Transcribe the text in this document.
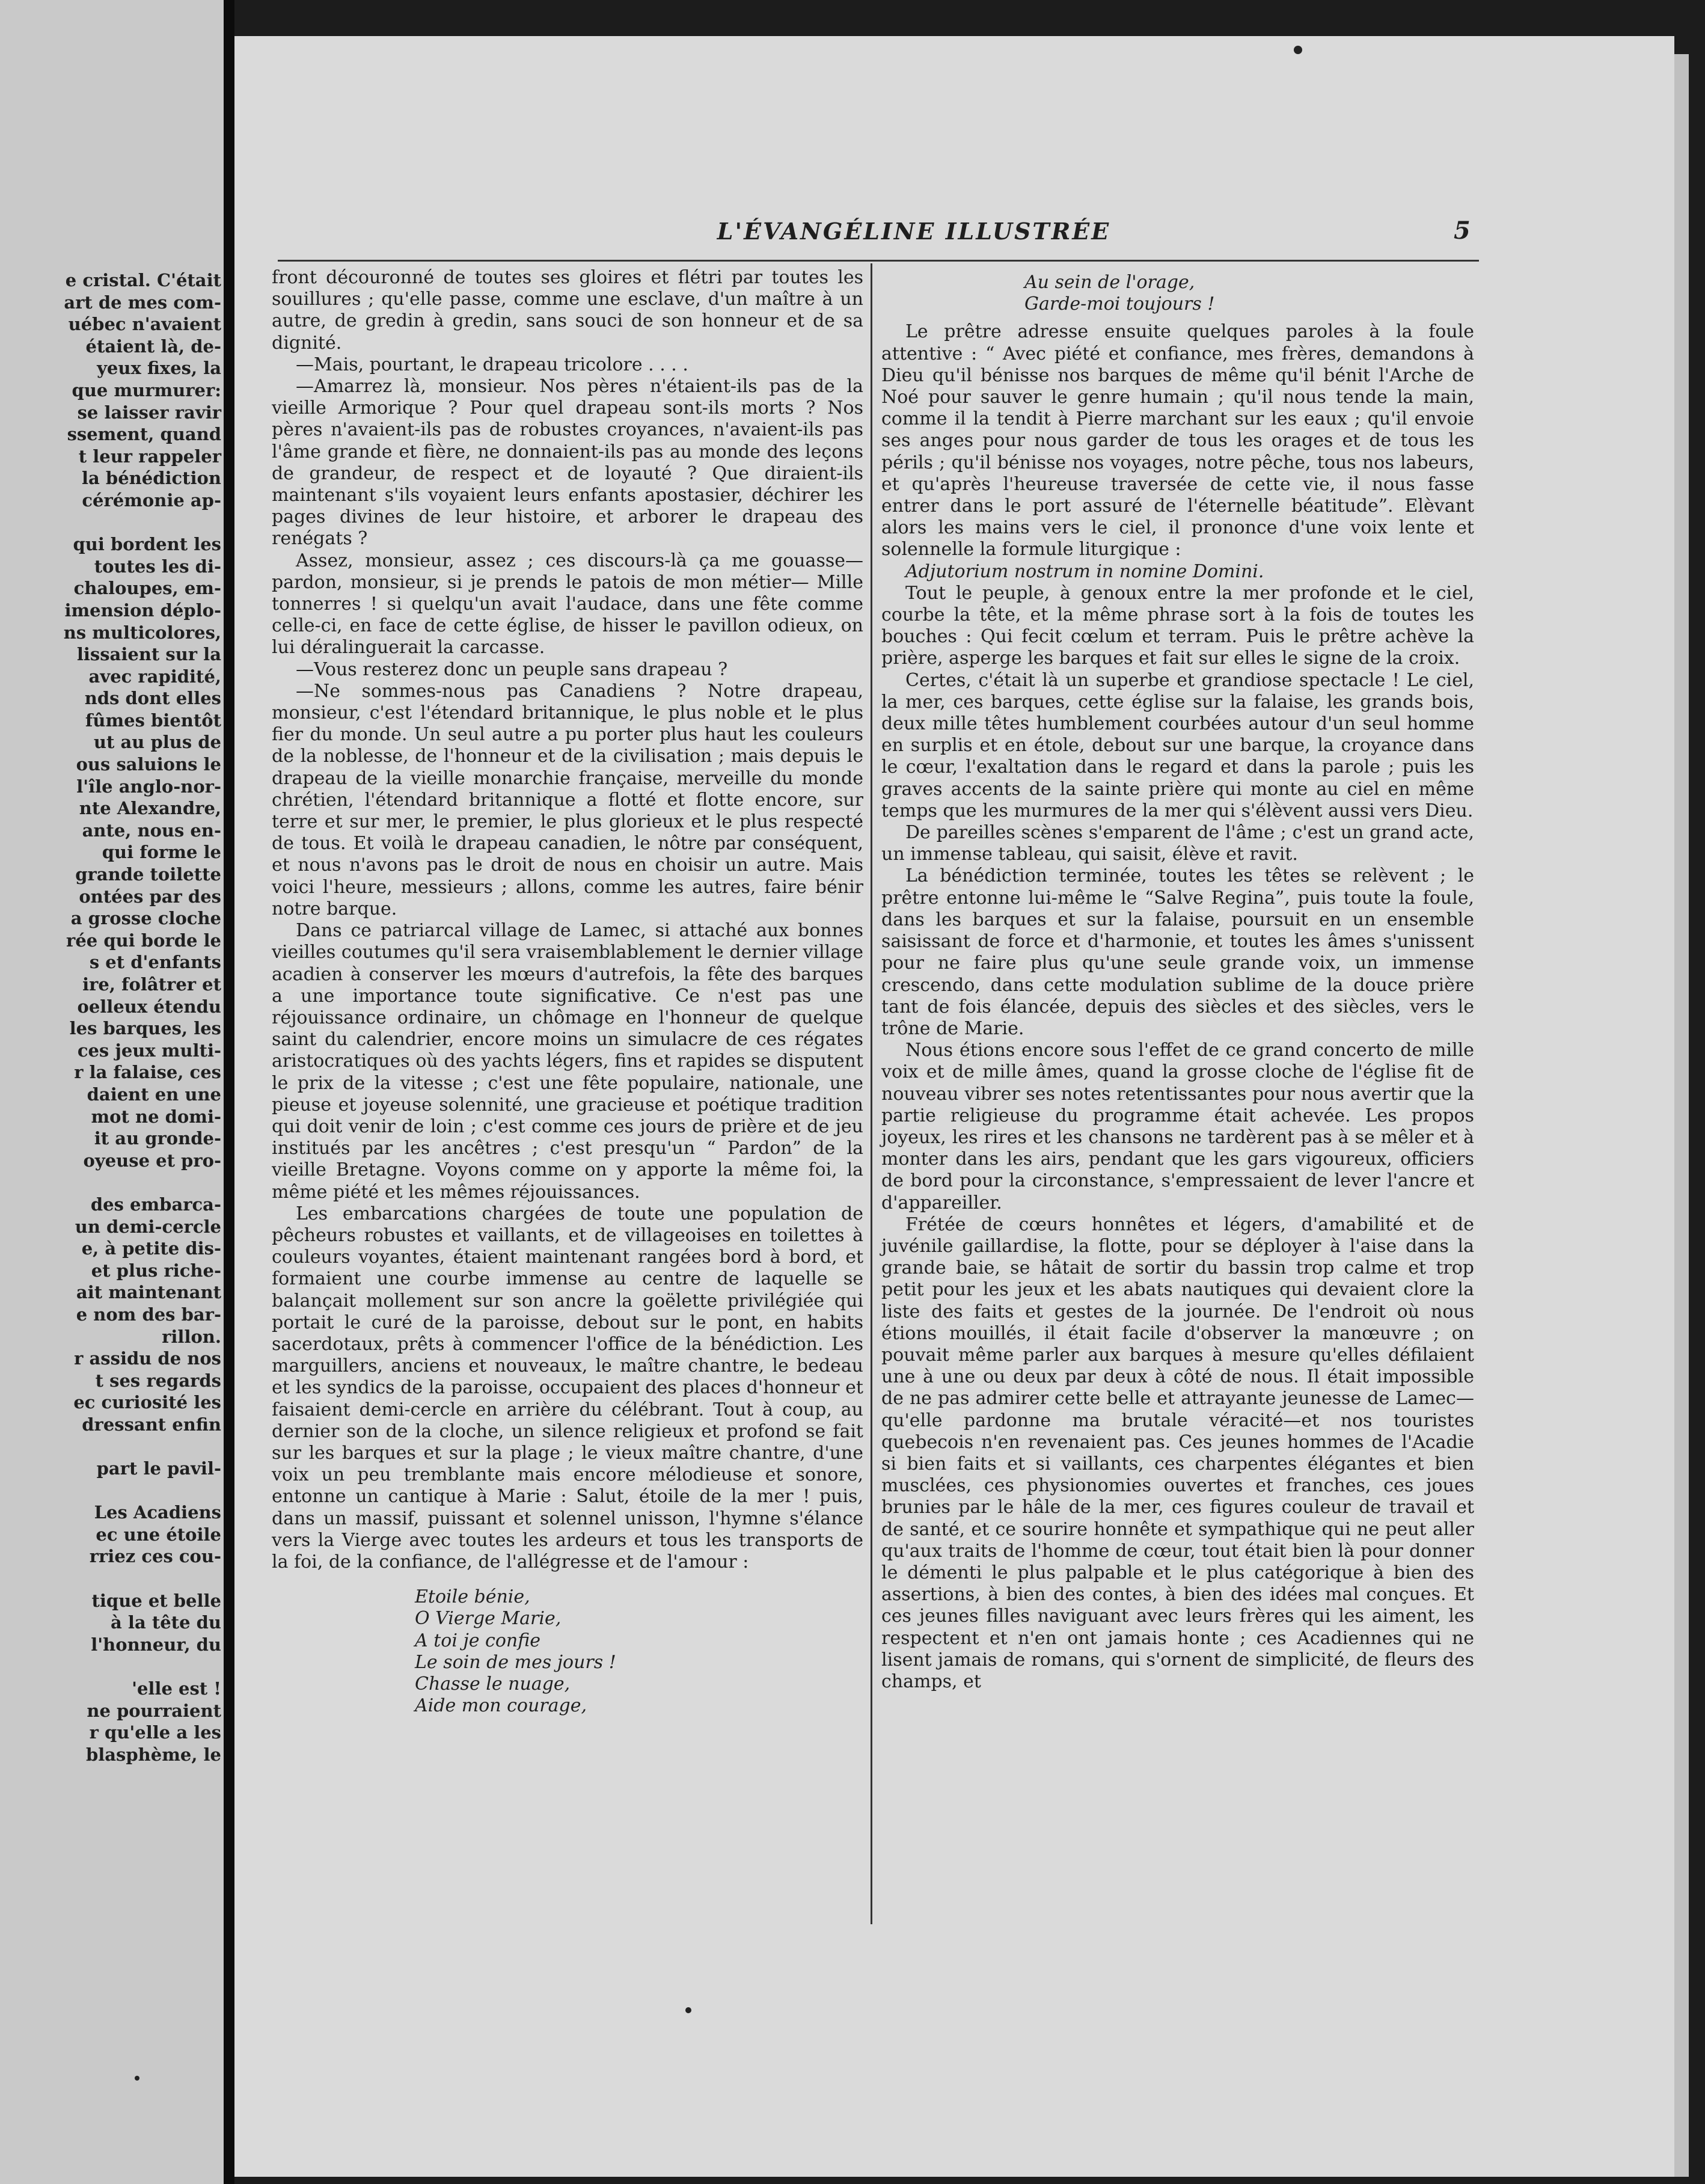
e cristal. C'était
art de mes com-
uébec n'avaient
étaient là, de-
yeux fixes, la
que murmurer:
se laisser ravir
ssement, quand
t leur rappeler
la bénédiction
cérémonie ap-
qui bordent les
toutes les di-
chaloupes, em-
imension déplo-
ns multicolores,
lissaient sur la
avec rapidité,
nds dont elles
fûmes bientôt
ut au plus de
ous saluions le
l'île anglo-nor-
nte Alexandre,
ante, nous en-
qui forme le
grande toilette
ontées par des
a grosse cloche
rée qui borde le
s et d'enfants
ire, folâtrer et
oelleux étendu
les barques, les
ces jeux multi-
r la falaise, ces
daient en une
mot ne domi-
it au gronde-
oyeuse et pro-
des embarca-
un demi-cercle
e, à petite dis-
et plus riche-
ait maintenant
e nom des bar-
rillon.
r assidu de nos
t ses regards
ec curiosité les
dressant enfin
part le pavil-
Les Acadiens
ec une étoile
rriez ces cou-
tique et belle
à la tête du
l'honneur, du
'elle est !
ne pourraient
r qu'elle a les
blasphème, le
L'ÉVANGÉLINE ILLUSTRÉE	5

front découronné de toutes ses gloires et flétri par toutes les souillures ; qu'elle passe, comme une esclave, d'un maître à un autre, de gredin à gredin, sans souci de son honneur et de sa dignité.

—Mais, pourtant, le drapeau tricolore . . . .

—Amarrez là, monsieur. Nos pères n'étaient-ils pas de la vieille Armorique ? Pour quel drapeau sont-ils morts ? Nos pères n'avaient-ils pas de robustes croyances, n'avaient-ils pas l'âme grande et fière, ne donnaient-ils pas au monde des leçons de grandeur, de respect et de loyauté ? Que diraient-ils maintenant s'ils voyaient leurs enfants apostasier, déchirer les pages divines de leur histoire, et arborer le drapeau des renégats ?

Assez, monsieur, assez ; ces discours-là ça me gouasse— pardon, monsieur, si je prends le patois de mon métier— Mille tonnerres ! si quelqu'un avait l'audace, dans une fête comme celle-ci, en face de cette église, de hisser le pavillon odieux, on lui déralinguerait la carcasse.

—Vous resterez donc un peuple sans drapeau ?

—Ne sommes-nous pas Canadiens ? Notre drapeau, monsieur, c'est l'étendard britannique, le plus noble et le plus fier du monde. Un seul autre a pu porter plus haut les couleurs de la noblesse, de l'honneur et de la civilisation ; mais depuis le drapeau de la vieille monarchie française, merveille du monde chrétien, l'étendard britannique a flotté et flotte encore, sur terre et sur mer, le premier, le plus glorieux et le plus respecté de tous. Et voilà le drapeau canadien, le nôtre par conséquent, et nous n'avons pas le droit de nous en choisir un autre. Mais voici l'heure, messieurs ; allons, comme les autres, faire bénir notre barque.

Dans ce patriarcal village de Lamec, si attaché aux bonnes vieilles coutumes qu'il sera vraisemblablement le dernier village acadien à conserver les mœurs d'autrefois, la fête des barques a une importance toute significative. Ce n'est pas une réjouissance ordinaire, un chômage en l'honneur de quelque saint du calendrier, encore moins un simulacre de ces régates aristocratiques où des yachts légers, fins et rapides se disputent le prix de la vitesse ; c'est une fête populaire, nationale, une pieuse et joyeuse solennité, une gracieuse et poétique tradition qui doit venir de loin ; c'est comme ces jours de prière et de jeu institués par les ancêtres ; c'est presqu'un “ Pardon” de la vieille Bretagne. Voyons comme on y apporte la même foi, la même piété et les mêmes réjouissances.

Les embarcations chargées de toute une population de pêcheurs robustes et vaillants, et de villageoises en toilettes à couleurs voyantes, étaient maintenant rangées bord à bord, et formaient une courbe immense au centre de laquelle se balançait mollement sur son ancre la goëlette privilégiée qui portait le curé de la paroisse, debout sur le pont, en habits sacerdotaux, prêts à commencer l'office de la bénédiction. Les marguillers, anciens et nouveaux, le maître chantre, le bedeau et les syndics de la paroisse, occupaient des places d'honneur et faisaient demi-cercle en arrière du célébrant. Tout à coup, au dernier son de la cloche, un silence religieux et profond se fait sur les barques et sur la plage ; le vieux maître chantre, d'une voix un peu tremblante mais encore mélodieuse et sonore, entonne un cantique à Marie : Salut, étoile de la mer ! puis, dans un massif, puissant et solennel unisson, l'hymne s'élance vers la Vierge avec toutes les ardeurs et tous les transports de la foi, de la confiance, de l'allégresse et de l'amour :

Etoile bénie,
O Vierge Marie,
A toi je confie
Le soin de mes jours !
Chasse le nuage,
Aide mon courage,
Au sein de l'orage,
Garde-moi toujours !

Le prêtre adresse ensuite quelques paroles à la foule attentive : “ Avec piété et confiance, mes frères, demandons à Dieu qu'il bénisse nos barques de même qu'il bénit l'Arche de Noé pour sauver le genre humain ; qu'il nous tende la main, comme il la tendit à Pierre marchant sur les eaux ; qu'il envoie ses anges pour nous garder de tous les orages et de tous les périls ; qu'il bénisse nos voyages, notre pêche, tous nos labeurs, et qu'après l'heureuse traversée de cette vie, il nous fasse entrer dans le port assuré de l'éternelle béatitude”. Elèvant alors les mains vers le ciel, il prononce d'une voix lente et solennelle la formule liturgique :

Adjutorium nostrum in nomine Domini.

Tout le peuple, à genoux entre la mer profonde et le ciel, courbe la tête, et la même phrase sort à la fois de toutes les bouches : Qui fecit cœlum et terram. Puis le prêtre achève la prière, asperge les barques et fait sur elles le signe de la croix.

Certes, c'était là un superbe et grandiose spectacle ! Le ciel, la mer, ces barques, cette église sur la falaise, les grands bois, deux mille têtes humblement courbées autour d'un seul homme en surplis et en étole, debout sur une barque, la croyance dans le cœur, l'exaltation dans le regard et dans la parole ; puis les graves accents de la sainte prière qui monte au ciel en même temps que les murmures de la mer qui s'élèvent aussi vers Dieu.

De pareilles scènes s'emparent de l'âme ; c'est un grand acte, un immense tableau, qui saisit, élève et ravit.

La bénédiction terminée, toutes les têtes se relèvent ; le prêtre entonne lui-même le “Salve Regina”, puis toute la foule, dans les barques et sur la falaise, poursuit en un ensemble saisissant de force et d'harmonie, et toutes les âmes s'unissent pour ne faire plus qu'une seule grande voix, un immense crescendo, dans cette modulation sublime de la douce prière tant de fois élancée, depuis des siècles et des siècles, vers le trône de Marie.

Nous étions encore sous l'effet de ce grand concerto de mille voix et de mille âmes, quand la grosse cloche de l'église fit de nouveau vibrer ses notes retentissantes pour nous avertir que la partie religieuse du programme était achevée. Les propos joyeux, les rires et les chansons ne tardèrent pas à se mêler et à monter dans les airs, pendant que les gars vigoureux, officiers de bord pour la circonstance, s'empressaient de lever l'ancre et d'appareiller.

Frétée de cœurs honnêtes et légers, d'amabilité et de juvénile gaillardise, la flotte, pour se déployer à l'aise dans la grande baie, se hâtait de sortir du bassin trop calme et trop petit pour les jeux et les abats nautiques qui devaient clore la liste des faits et gestes de la journée. De l'endroit où nous étions mouillés, il était facile d'observer la manœuvre ; on pouvait même parler aux barques à mesure qu'elles défilaient une à une ou deux par deux à côté de nous. Il était impossible de ne pas admirer cette belle et attrayante jeunesse de Lamec—qu'elle pardonne ma brutale véracité—et nos touristes quebecois n'en revenaient pas. Ces jeunes hommes de l'Acadie si bien faits et si vaillants, ces charpentes élégantes et bien musclées, ces physionomies ouvertes et franches, ces joues brunies par le hâle de la mer, ces figures couleur de travail et de santé, et ce sourire honnête et sympathique qui ne peut aller qu'aux traits de l'homme de cœur, tout était bien là pour donner le démenti le plus palpable et le plus catégorique à bien des assertions, à bien des contes, à bien des idées mal conçues. Et ces jeunes filles naviguant avec leurs frères qui les aiment, les respectent et n'en ont jamais honte ; ces Acadiennes qui ne lisent jamais de romans, qui s'ornent de simplicité, de fleurs des champs, et
